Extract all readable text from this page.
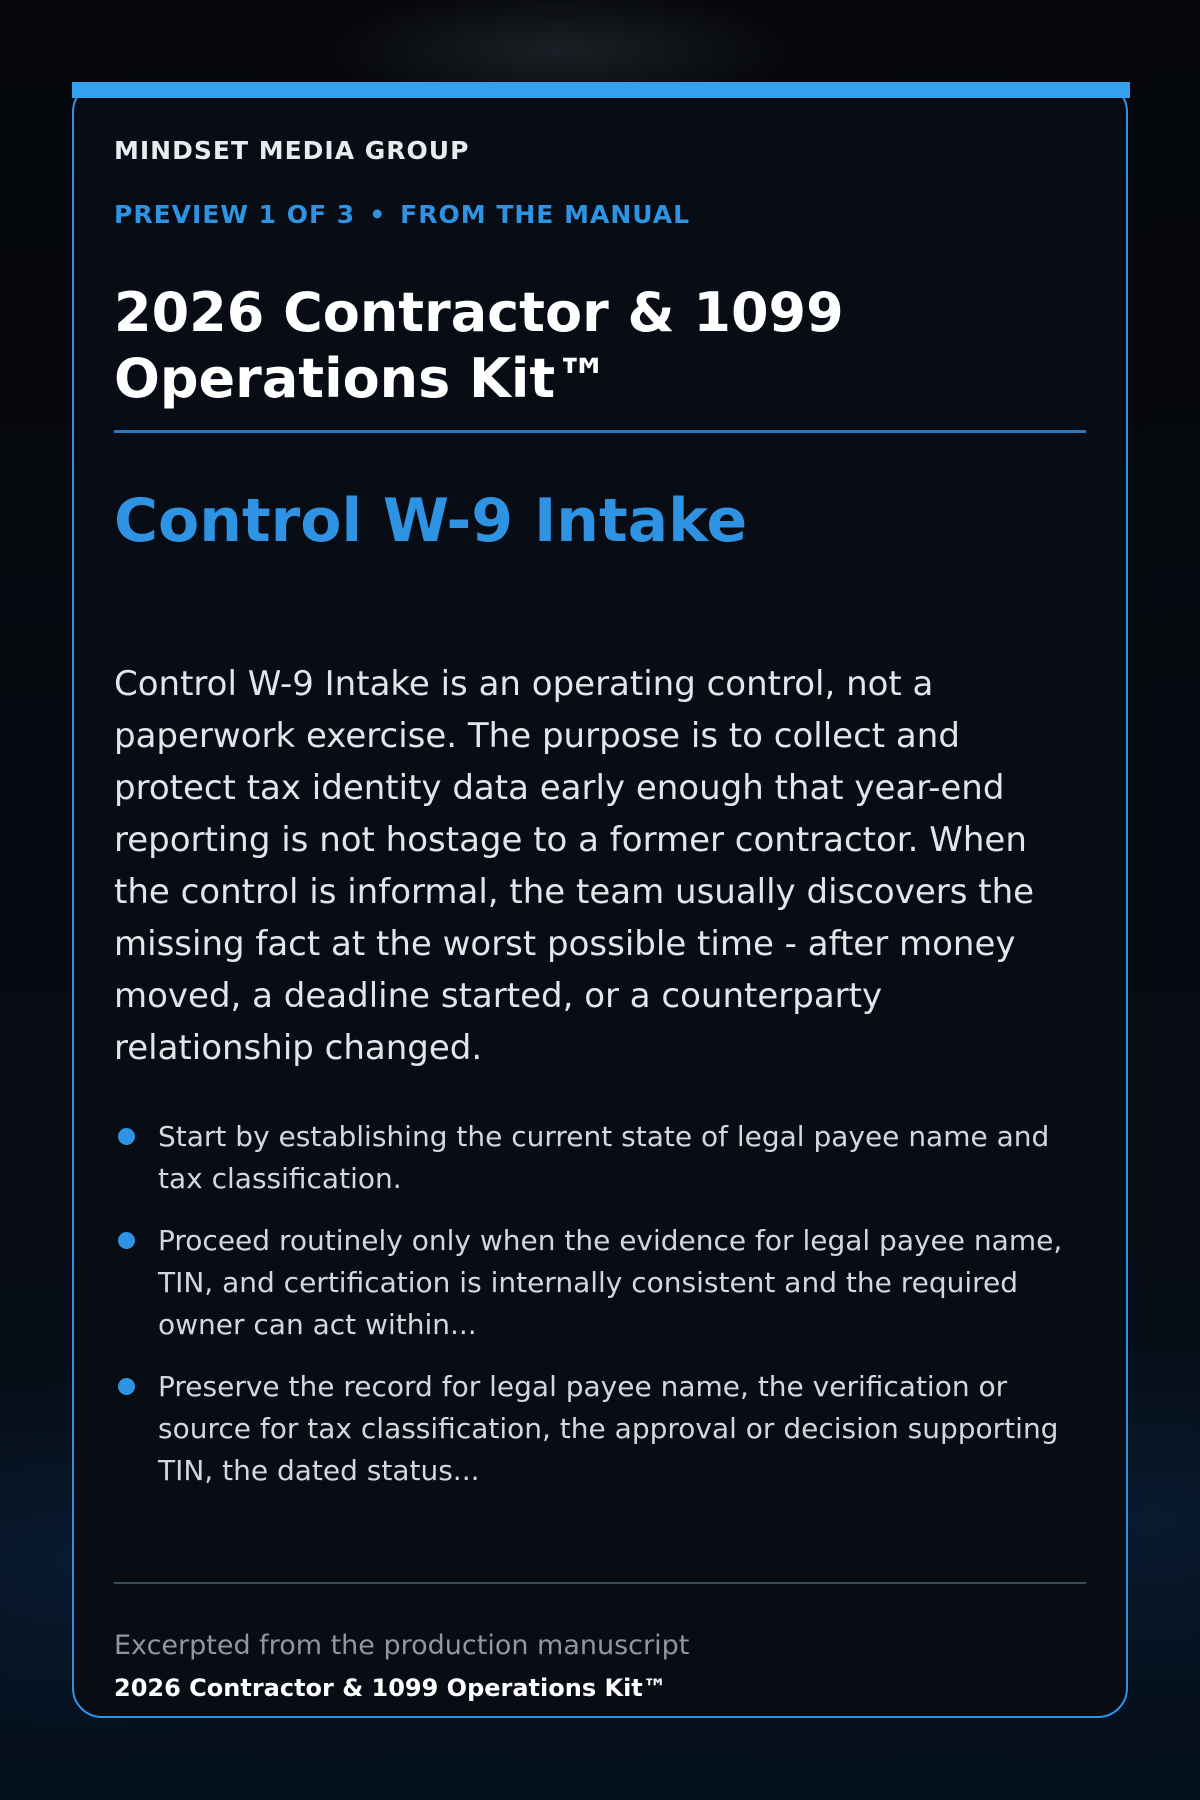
MINDSET MEDIA GROUP
PREVIEW 1 OF 3 • FROM THE MANUAL
2026 Contractor & 1099 Operations Kit™
Control W-9 Intake

Control W-9 Intake is an operating control, not a paperwork exercise. The purpose is to collect and protect tax identity data early enough that year-end reporting is not hostage to a former contractor. When the control is informal, the team usually discovers the missing fact at the worst possible time - after money moved, a deadline started, or a counterparty relationship changed.

Start by establishing the current state of legal payee name and tax classification.
Proceed routinely only when the evidence for legal payee name, TIN, and certification is internally consistent and the required owner can act within...
Preserve the record for legal payee name, the verification or source for tax classification, the approval or decision supporting TIN, the dated status...
Excerpted from the production manuscript
2026 Contractor & 1099 Operations Kit™
